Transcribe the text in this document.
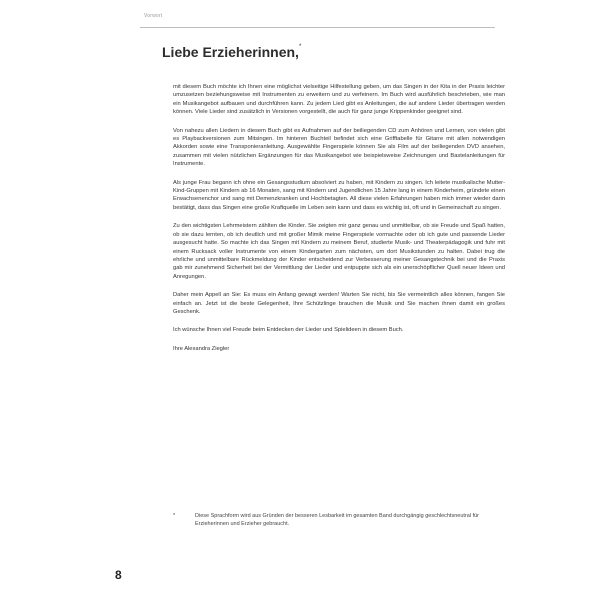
Vorwort
Liebe Erzieherinnen,*

mit diesem Buch möchte ich Ihnen eine möglichst vielseitige Hilfestellung geben, um das Singen in der Kita in der Praxis leichter umzusetzen beziehungsweise mit Instrumenten zu erweitern und zu verfeinern. Im Buch wird ausführlich beschrieben, wie man ein Musikangebot aufbauen und durchführen kann. Zu jedem Lied gibt es Anleitungen, die auf andere Lieder übertragen werden können. Viele Lieder sind zusätzlich in Versionen vorgestellt, die auch für ganz junge Krippenkinder geeignet sind.

Von nahezu allen Liedern in diesem Buch gibt es Aufnahmen auf der beiliegenden CD zum Anhören und Lernen, von vielen gibt es Playbackversionen zum Mitsingen. Im hinteren Buchteil befindet sich eine Grifftabelle für Gitarre mit allen notwendigen Akkorden sowie eine Transponieranleitung. Ausgewählte Fingerspiele können Sie als Film auf der beiliegenden DVD ansehen, zusammen mit vielen nützlichen Ergänzungen für das Musikangebot wie beispielsweise Zeichnungen und Bastelanleitungen für Instrumente.

Als junge Frau begann ich ohne ein Gesangsstudium absolviert zu haben, mit Kindern zu singen. Ich leitete musikalische Mutter-Kind-Gruppen mit Kindern ab 16 Monaten, sang mit Kindern und Jugendlichen 15 Jahre lang in einem Kinderheim, gründete einen Erwachsenenchor und sang mit Demenzkranken und Hochbetagten. All diese vielen Erfahrungen haben mich immer wieder darin bestätigt, dass das Singen eine große Kraftquelle im Leben sein kann und dass es wichtig ist, oft und in Gemeinschaft zu singen.

Zu den wichtigsten Lehrmeistern zählten die Kinder. Sie zeigten mir ganz genau und unmittelbar, ob sie Freude und Spaß hatten, ob sie dazu lernten, ob ich deutlich und mit großer Mimik meine Fingerspiele vormachte oder ob ich gute und passende Lieder ausgesucht hatte. So machte ich das Singen mit Kindern zu meinem Beruf, studierte Musik- und Theaterpädagogik und fuhr mit einem Rucksack voller Instrumente von einem Kindergarten zum nächsten, um dort Musikstunden zu halten. Dabei trug die ehrliche und unmittelbare Rückmeldung der Kinder entscheidend zur Verbesserung meiner Gesangstechnik bei und die Praxis gab mir zunehmend Sicherheit bei der Vermittlung der Lieder und entpuppte sich als ein unerschöpflicher Quell neuer Ideen und Anregungen.

Daher mein Appell an Sie: Es muss ein Anfang gewagt werden! Warten Sie nicht, bis Sie vermeintlich alles können, fangen Sie einfach an. Jetzt ist die beste Gelegenheit, Ihre Schützlinge brauchen die Musik und Sie machen ihnen damit ein großes Geschenk.

Ich wünsche Ihnen viel Freude beim Entdecken der Lieder und Spielideen in diesem Buch.

Ihre Alexandra Ziegler

*	Diese Sprachform wird aus Gründen der besseren Lesbarkeit im gesamten Band durchgängig geschlechtsneutral für Erzieherinnen und Erzieher gebraucht.
8
